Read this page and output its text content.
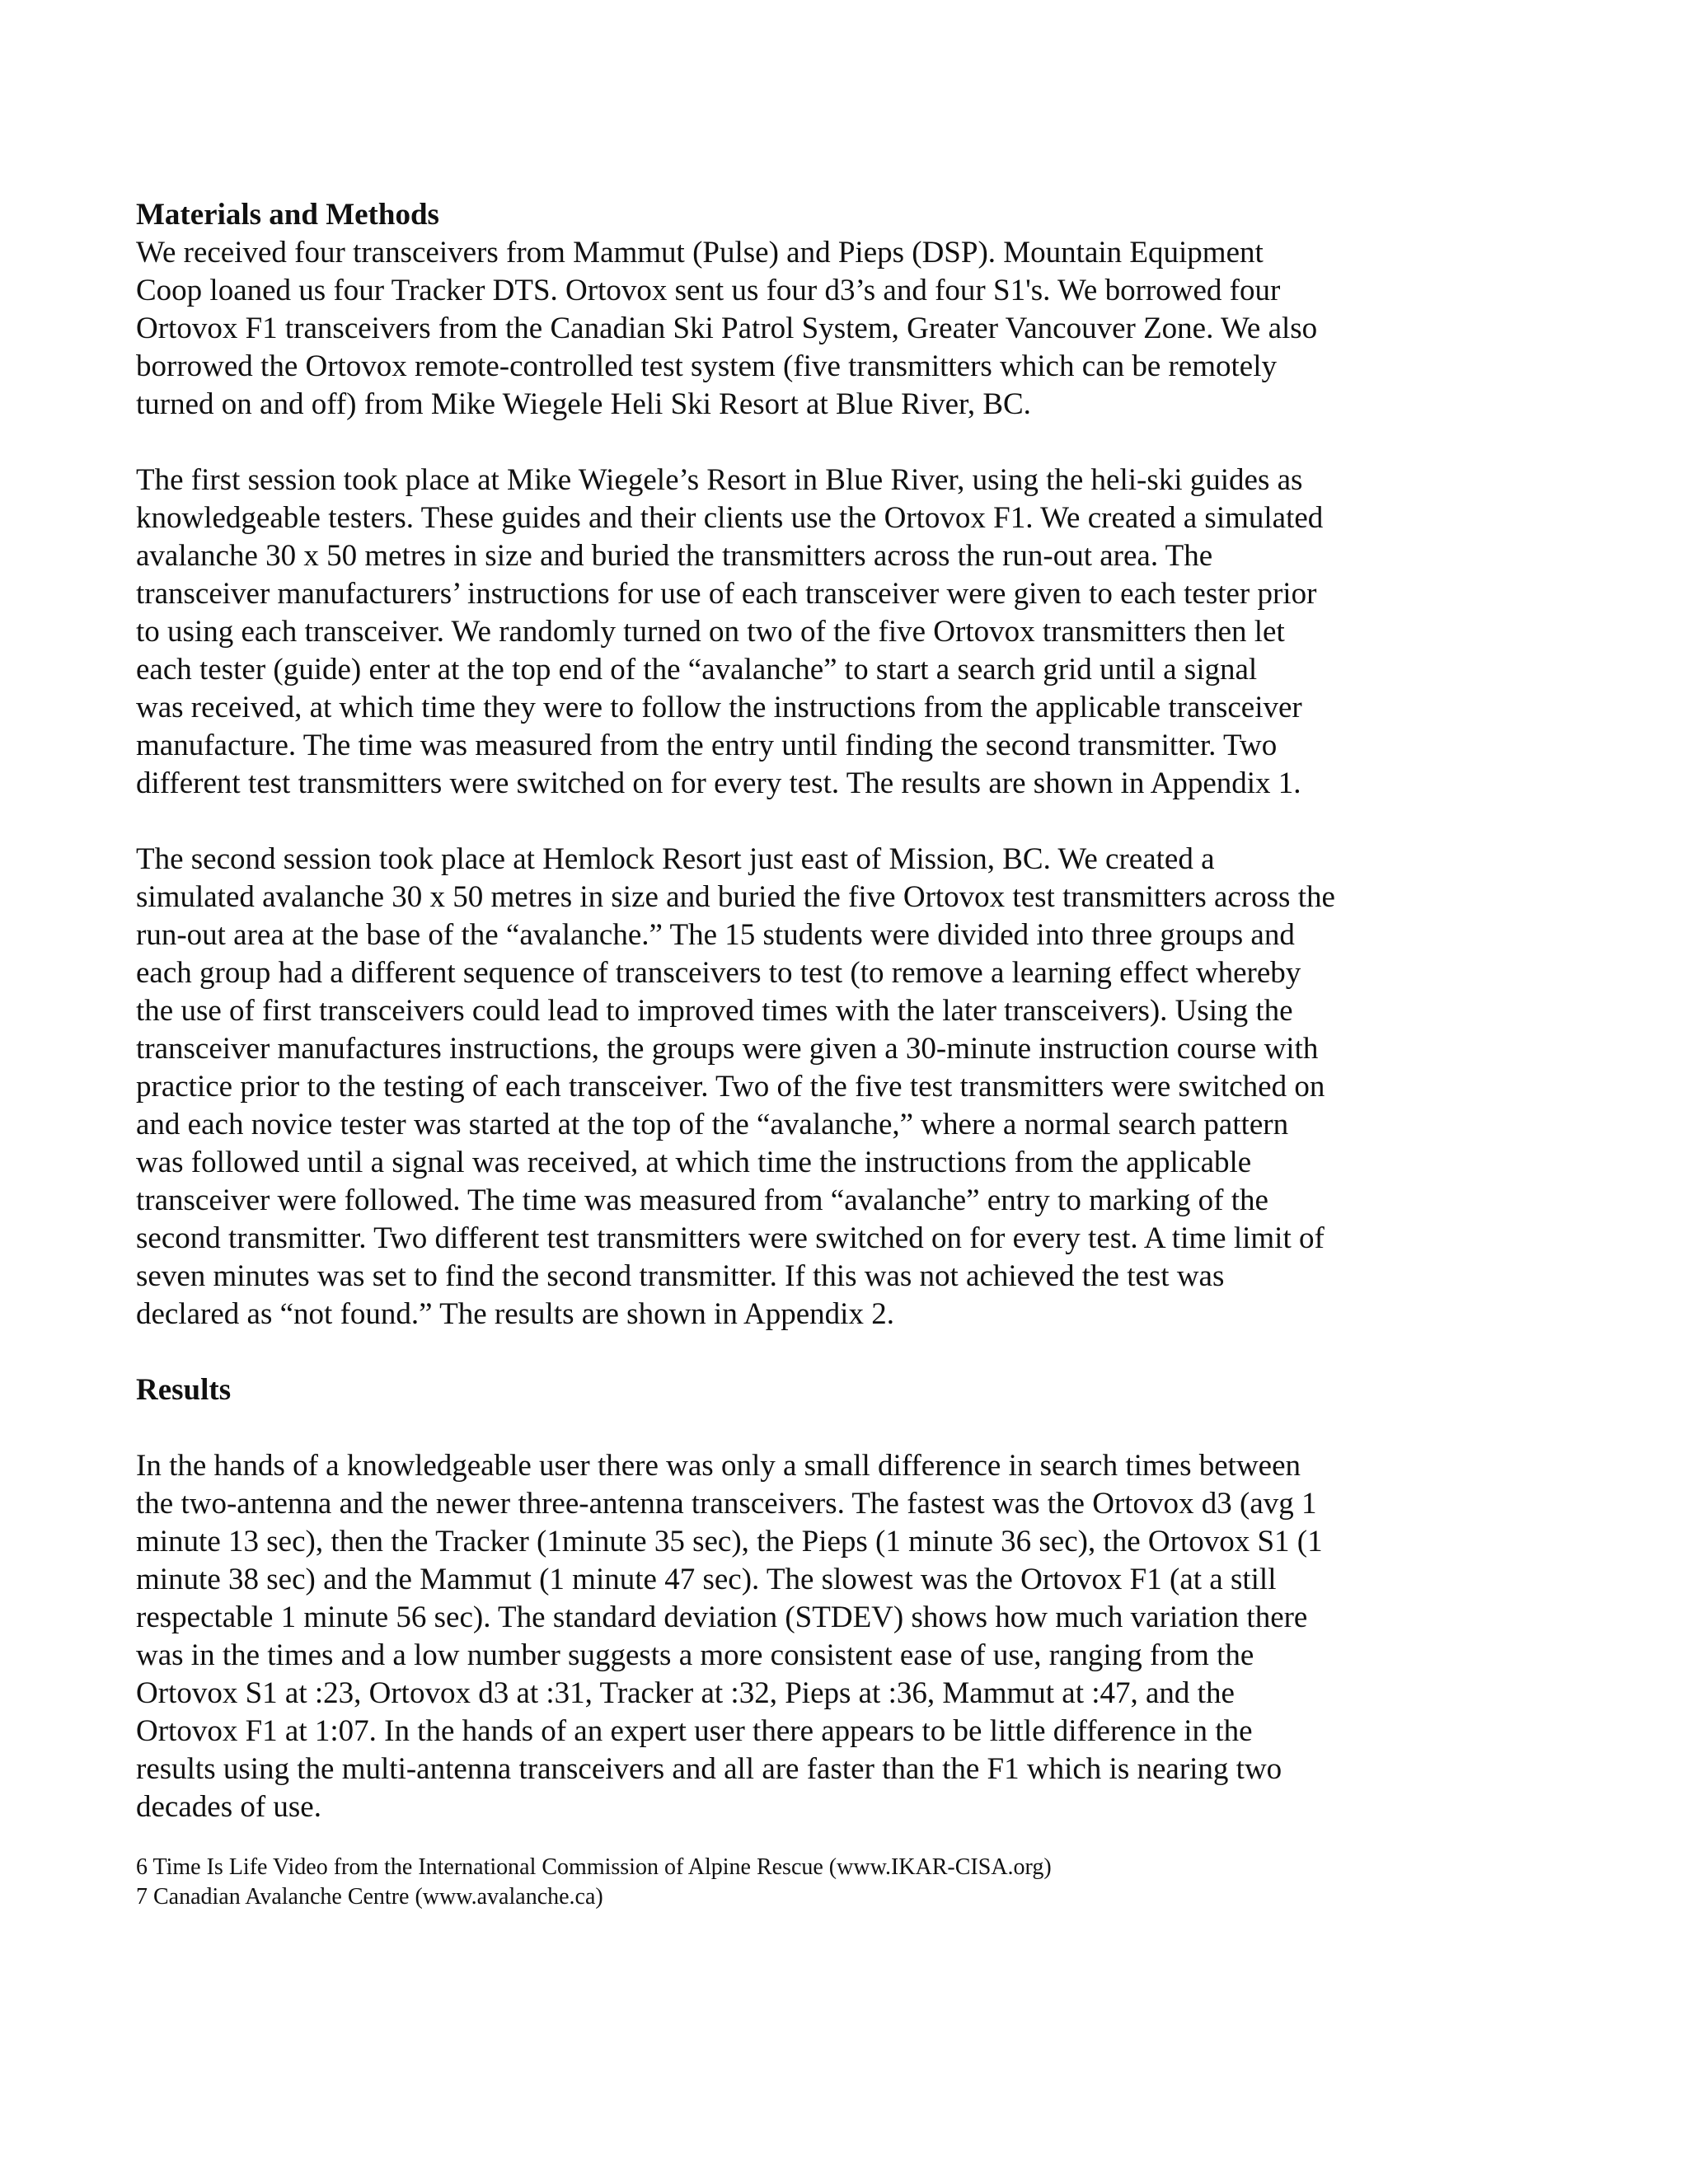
Materials and Methods

We received four transceivers from Mammut (Pulse) and Pieps (DSP). Mountain Equipment
Coop loaned us four Tracker DTS. Ortovox sent us four d3’s and four S1's. We borrowed four
Ortovox F1 transceivers from the Canadian Ski Patrol System, Greater Vancouver Zone. We also
borrowed the Ortovox remote-controlled test system (five transmitters which can be remotely
turned on and off) from Mike Wiegele Heli Ski Resort at Blue River, BC.

The first session took place at Mike Wiegele’s Resort in Blue River, using the heli-ski guides as
knowledgeable testers. These guides and their clients use the Ortovox F1. We created a simulated
avalanche 30 x 50 metres in size and buried the transmitters across the run-out area. The
transceiver manufacturers’ instructions for use of each transceiver were given to each tester prior
to using each transceiver. We randomly turned on two of the five Ortovox transmitters then let
each tester (guide) enter at the top end of the “avalanche” to start a search grid until a signal
was received, at which time they were to follow the instructions from the applicable transceiver
manufacture. The time was measured from the entry until finding the second transmitter. Two
different test transmitters were switched on for every test. The results are shown in Appendix 1.

The second session took place at Hemlock Resort just east of Mission, BC. We created a
simulated avalanche 30 x 50 metres in size and buried the five Ortovox test transmitters across the
run-out area at the base of the “avalanche.” The 15 students were divided into three groups and
each group had a different sequence of transceivers to test (to remove a learning effect whereby
the use of first transceivers could lead to improved times with the later transceivers). Using the
transceiver manufactures instructions, the groups were given a 30-minute instruction course with
practice prior to the testing of each transceiver. Two of the five test transmitters were switched on
and each novice tester was started at the top of the “avalanche,” where a normal search pattern
was followed until a signal was received, at which time the instructions from the applicable
transceiver were followed. The time was measured from “avalanche” entry to marking of the
second transmitter. Two different test transmitters were switched on for every test. A time limit of
seven minutes was set to find the second transmitter. If this was not achieved the test was
declared as “not found.” The results are shown in Appendix 2.

Results

In the hands of a knowledgeable user there was only a small difference in search times between
the two-antenna and the newer three-antenna transceivers. The fastest was the Ortovox d3 (avg 1
minute 13 sec), then the Tracker (1minute 35 sec), the Pieps (1 minute 36 sec), the Ortovox S1 (1
minute 38 sec) and the Mammut (1 minute 47 sec). The slowest was the Ortovox F1 (at a still
respectable 1 minute 56 sec). The standard deviation (STDEV) shows how much variation there
was in the times and a low number suggests a more consistent ease of use, ranging from the
Ortovox S1 at :23, Ortovox d3 at :31, Tracker at :32, Pieps at :36, Mammut at :47, and the
Ortovox F1 at 1:07. In the hands of an expert user there appears to be little difference in the
results using the multi-antenna transceivers and all are faster than the F1 which is nearing two
decades of use.

6 Time Is Life Video from the International Commission of Alpine Rescue (www.IKAR-CISA.org)
7 Canadian Avalanche Centre (www.avalanche.ca)
